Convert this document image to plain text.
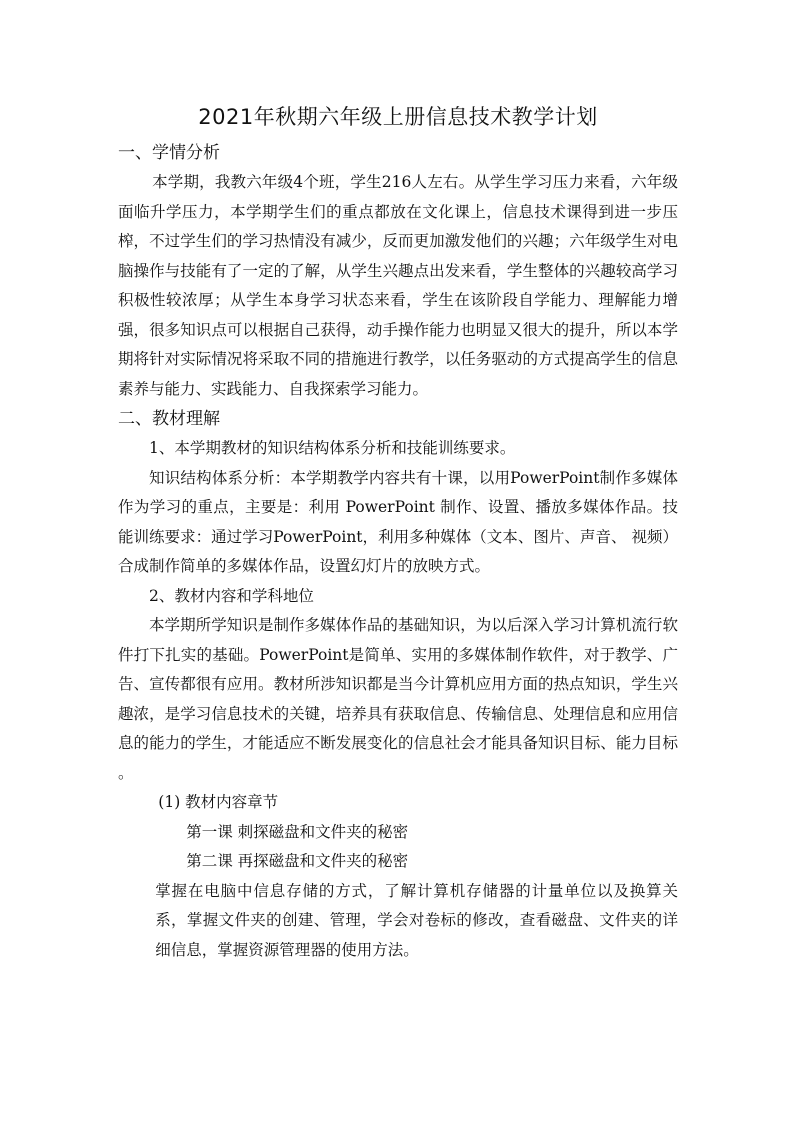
2021年秋期六年级上册信息技术教学计划

一、学情分析

本学期，我教六年级4个班，学生216人左右。从学生学习压力来看，六年级面临升学压力，本学期学生们的重点都放在文化课上，信息技术课得到进一步压榨，不过学生们的学习热情没有减少，反而更加激发他们的兴趣；六年级学生对电脑操作与技能有了一定的了解，从学生兴趣点出发来看，学生整体的兴趣较高学习积极性较浓厚；从学生本身学习状态来看，学生在该阶段自学能力、理解能力增强，很多知识点可以根据自己获得，动手操作能力也明显又很大的提升，所以本学期将针对实际情况将采取不同的措施进行教学，以任务驱动的方式提高学生的信息素养与能力、实践能力、自我探索学习能力。

二、教材理解

1、本学期教材的知识结构体系分析和技能训练要求。

知识结构体系分析：本学期教学内容共有十课，以用PowerPoint制作多媒体作为学习的重点，主要是：利用 PowerPoint 制作、设置、播放多媒体作品。技能训练要求：通过学习PowerPoint，利用多种媒体（文本、图片、声音、 视频）合成制作简单的多媒体作品，设置幻灯片的放映方式。

2、教材内容和学科地位

本学期所学知识是制作多媒体作品的基础知识，为以后深入学习计算机流行软件打下扎实的基础。PowerPoint是简单、实用的多媒体制作软件，对于教学、广告、宣传都很有应用。教材所涉知识都是当今计算机应用方面的热点知识，学生兴趣浓，是学习信息技术的关键，培养具有获取信息、传输信息、处理信息和应用信息的能力的学生，才能适应不断发展变化的信息社会才能具备知识目标、能力目标 。

(1) 教材内容章节

第一课 刺探磁盘和文件夹的秘密

第二课 再探磁盘和文件夹的秘密

掌握在电脑中信息存储的方式，了解计算机存储器的计量单位以及换算关系，掌握文件夹的创建、管理，学会对卷标的修改，查看磁盘、文件夹的详细信息，掌握资源管理器的使用方法。
